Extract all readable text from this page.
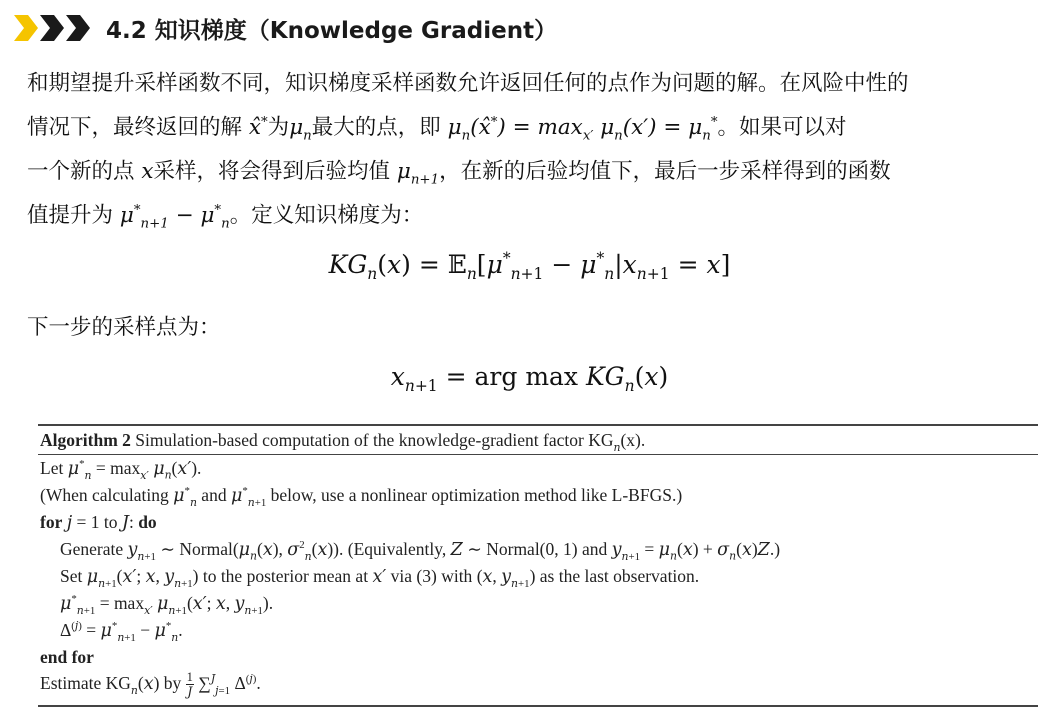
4.2 知识梯度（Knowledge Gradient）
和期望提升采样函数不同，知识梯度采样函数允许返回任何的点作为问题的解。在风险中性的
情况下，最终返回的解 x̂*为$\mu_n$最大的点，即 $\mu_n(x̂^*) = \max_{x'} \mu_n(x') = \mu_n^*$。如果可以对
一个新的点 x采样，将会得到后验均值 $\mu_{n+1}$，在新的后验均值下，最后一步采样得到的函数
值提升为 $\mu^*_{n+1} - \mu^*_n$。定义知识梯度为：
$KG_n(x)$ = $𝔼_n[\mu^*_{n+1} - \mu^*_n|x_{n+1} = x]$
下一步的采样点为：
$x_{n+1}$ = arg $\max KG_n(x)$
Algorithm 2 Simulation-based computation of the knowledge-gradient factor $KG_n(x)$.
Let $\mu^*_n = \max_{x'} \mu_n(x')$.
(When calculating $\mu^*_n$ and $\mu^*_{n+1}$ below, use a nonlinear optimization method like L-BFGS.)
for j = 1 to J: do
Generate $y_{n+1}$ ∼ $Normal(\mu_n(x)$, $\sigma^2_n(x)$). (Equivalently, Z ∼ Normal(0, 1) and $y_{n+1} = \mu_n(x) + \sigma_n(x)Z$.)
Set $\mu_{n+1}(x'$; x, $y_{n+1}$) to the posterior mean at x′ via (3) with (x, $y_{n+1}$) as the last observation.
$\mu^*_{n+1} = \max_{x'} \mu_{n+1}(x'$; x, $y_{n+1}$).
$\Delta^{(j)} = \mu^*_{n+1} - \mu^*_n$.
end for
Estimate $KG_n(x)$ by $\frac{1}{J} \sum^J_{j=1}$ $\Delta^{(j)}$.
